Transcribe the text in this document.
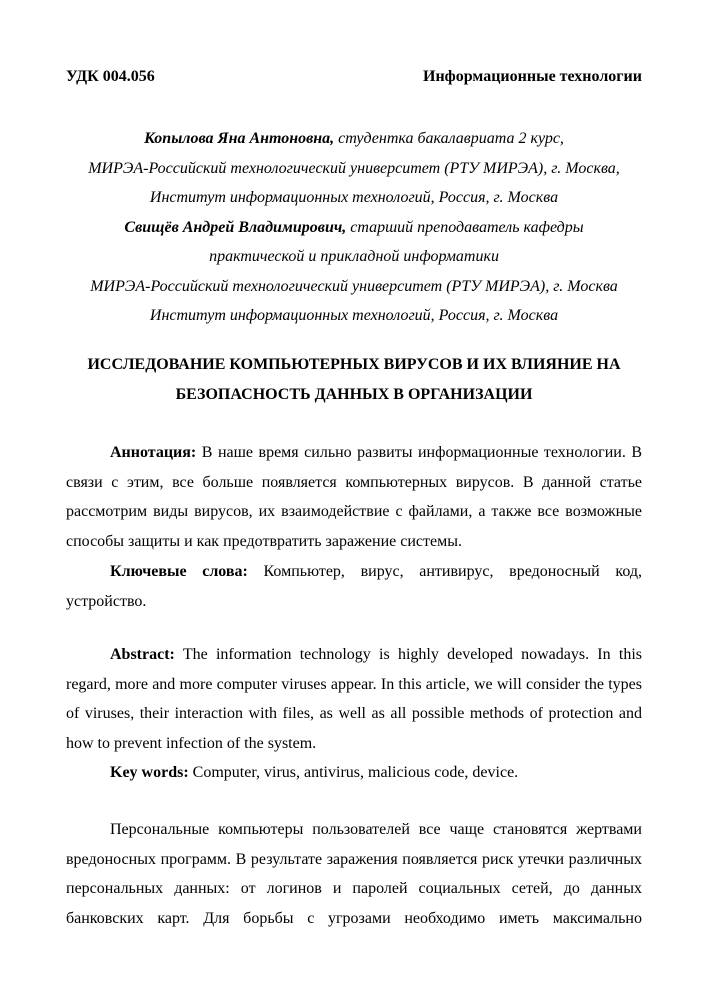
УДК 004.056	Информационные технологии
Копылова Яна Антоновна, студентка бакалавриата 2 курс,
МИРЭА-Российский технологический университет (РТУ МИРЭА), г. Москва,
Институт информационных технологий, Россия, г. Москва
Свищёв Андрей Владимирович, старший преподаватель кафедры
практической и прикладной информатики
МИРЭА-Российский технологический университет (РТУ МИРЭА), г. Москва
Институт информационных технологий, Россия, г. Москва
ИССЛЕДОВАНИЕ КОМПЬЮТЕРНЫХ ВИРУСОВ И ИХ ВЛИЯНИЕ НА
БЕЗОПАСНОСТЬ ДАННЫХ В ОРГАНИЗАЦИИ
Аннотация: В наше время сильно развиты информационные технологии. В связи с этим, все больше появляется компьютерных вирусов. В данной статье рассмотрим виды вирусов, их взаимодействие с файлами, а также все возможные способы защиты и как предотвратить заражение системы.
Ключевые слова: Компьютер, вирус, антивирус, вредоносный код, устройство.
Abstract: The information technology is highly developed nowadays. In this regard, more and more computer viruses appear. In this article, we will consider the types of viruses, their interaction with files, as well as all possible methods of protection and how to prevent infection of the system.
Key words: Computer, virus, antivirus, malicious code, device.
Персональные компьютеры пользователей все чаще становятся жертвами вредоносных программ. В результате заражения появляется риск утечки различных персональных данных: от логинов и паролей социальных сетей, до данных банковских карт. Для борьбы с угрозами необходимо иметь максимально
